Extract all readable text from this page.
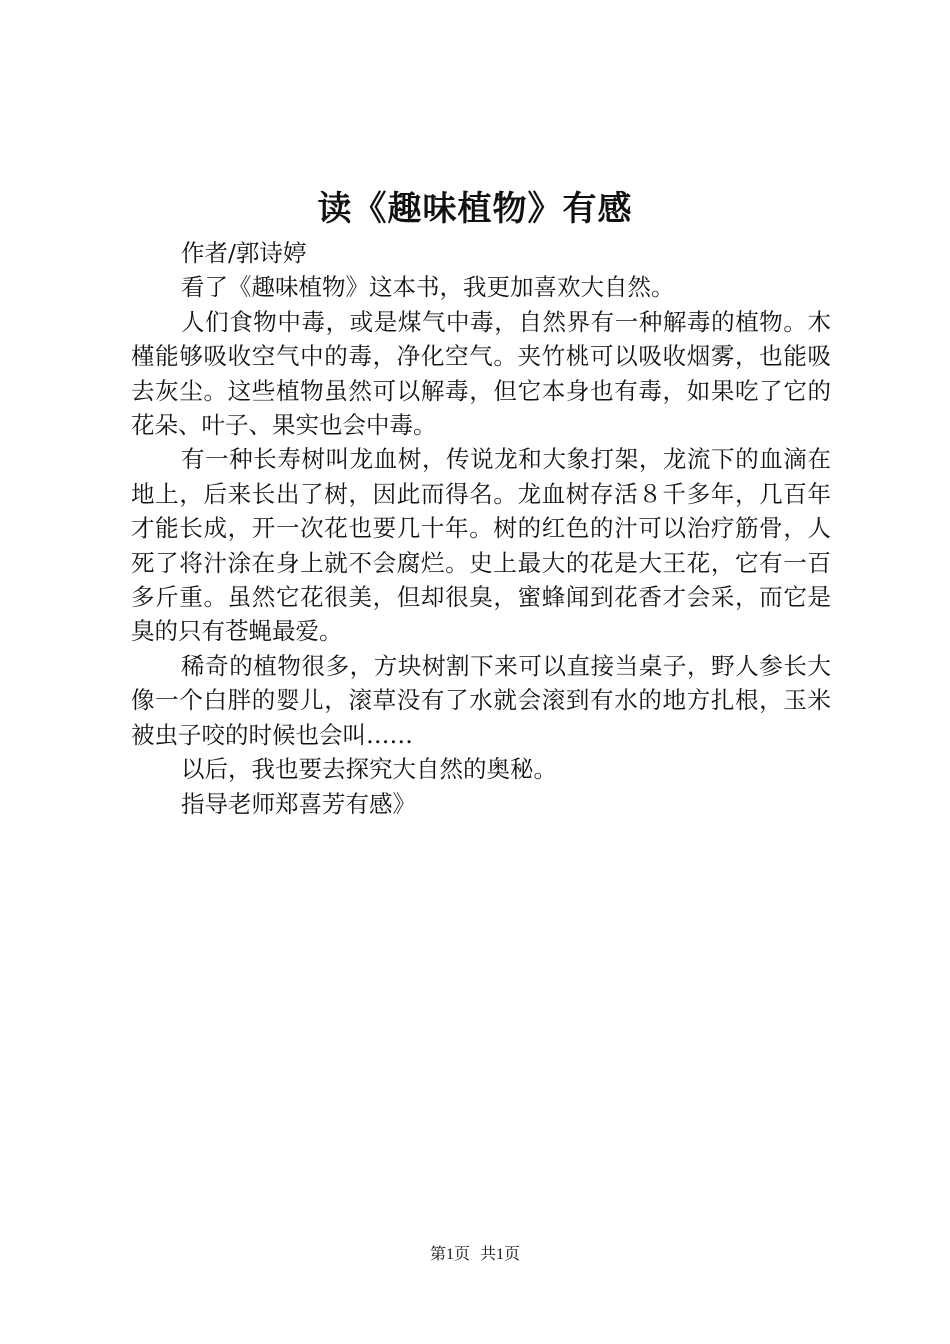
读《趣味植物》有感

作者/郭诗婷

看了《趣味植物》这本书，我更加喜欢大自然。

人们食物中毒，或是煤气中毒，自然界有一种解毒的植物。木槿能够吸收空气中的毒，净化空气。夹竹桃可以吸收烟雾，也能吸去灰尘。这些植物虽然可以解毒，但它本身也有毒，如果吃了它的花朵、叶子、果实也会中毒。

有一种长寿树叫龙血树，传说龙和大象打架，龙流下的血滴在地上，后来长出了树，因此而得名。龙血树存活８千多年，几百年才能长成，开一次花也要几十年。树的红色的汁可以治疗筋骨，人死了将汁涂在身上就不会腐烂。史上最大的花是大王花，它有一百多斤重。虽然它花很美，但却很臭，蜜蜂闻到花香才会采，而它是臭的只有苍蝇最爱。

稀奇的植物很多，方块树割下来可以直接当桌子，野人参长大像一个白胖的婴儿，滚草没有了水就会滚到有水的地方扎根，玉米被虫子咬的时候也会叫……

以后，我也要去探究大自然的奥秘。

指导老师郑喜芳有感》

第1页 共1页
